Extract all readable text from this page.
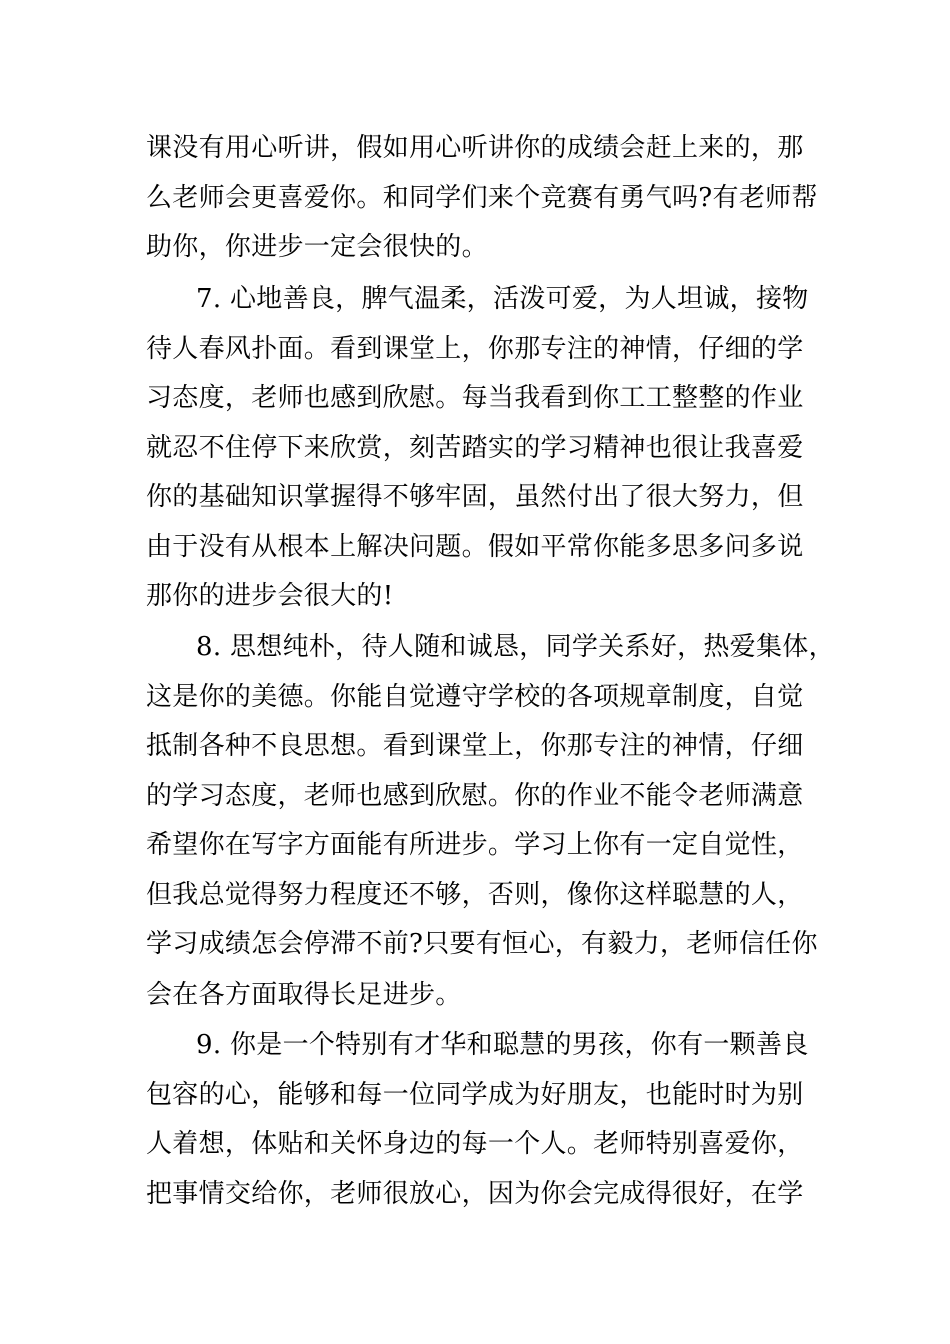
课没有用心听讲，假如用心听讲你的成绩会赶上来的，那
么老师会更喜爱你。和同学们来个竞赛有勇气吗?有老师帮
助你，你进步一定会很快的。
7. 心地善良，脾气温柔，活泼可爱，为人坦诚，接物
待人春风扑面。看到课堂上，你那专注的神情，仔细的学
习态度，老师也感到欣慰。每当我看到你工工整整的作业
就忍不住停下来欣赏，刻苦踏实的学习精神也很让我喜爱
你的基础知识掌握得不够牢固，虽然付出了很大努力，但
由于没有从根本上解决问题。假如平常你能多思多问多说
那你的进步会很大的!
8. 思想纯朴，待人随和诚恳，同学关系好，热爱集体，
这是你的美德。你能自觉遵守学校的各项规章制度，自觉
抵制各种不良思想。看到课堂上，你那专注的神情，仔细
的学习态度，老师也感到欣慰。你的作业不能令老师满意
希望你在写字方面能有所进步。学习上你有一定自觉性，
但我总觉得努力程度还不够，否则，像你这样聪慧的人，
学习成绩怎会停滞不前?只要有恒心，有毅力，老师信任你
会在各方面取得长足进步。
9. 你是一个特别有才华和聪慧的男孩，你有一颗善良
包容的心，能够和每一位同学成为好朋友，也能时时为别
人着想，体贴和关怀身边的每一个人。老师特别喜爱你，
把事情交给你，老师很放心，因为你会完成得很好，在学
